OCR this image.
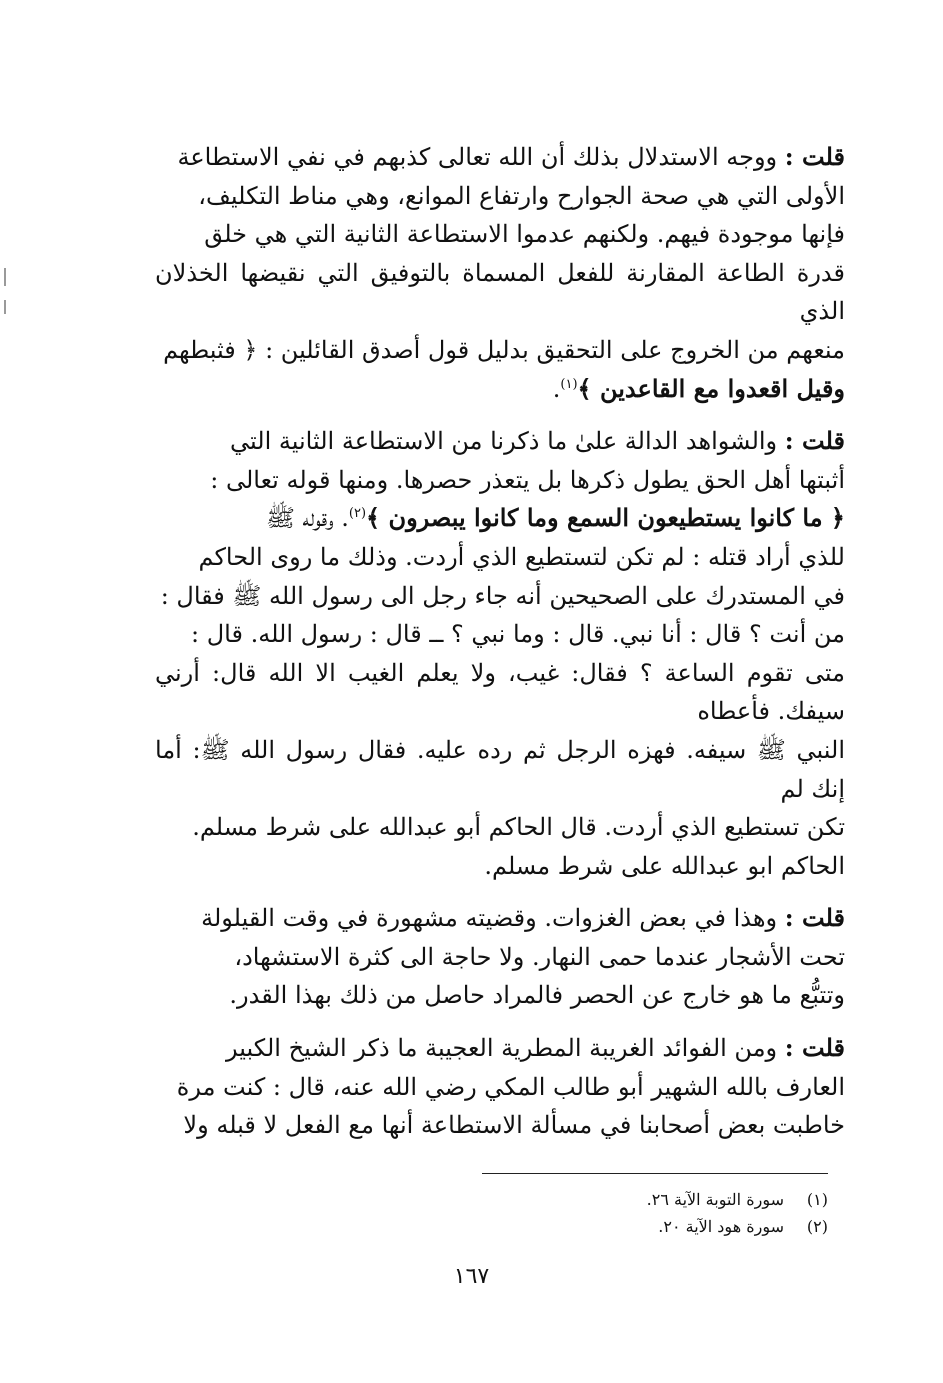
قلت : ووجه الاستدلال بذلك أن الله تعالى كذبهم في نفي الاستطاعة
الأولى التي هي صحة الجوارح وارتفاع الموانع، وهي مناط التكليف،
فإنها موجودة فيهم. ولكنهم عدموا الاستطاعة الثانية التي هي خلق
قدرة الطاعة المقارنة للفعل المسماة بالتوفيق التي نقيضها الخذلان الذي
منعهم من الخروج على التحقيق بدليل قول أصدق القائلين : ﴿ فثبطهم
وقيل اقعدوا مع القاعدين ﴾$^{(١)}$.
قلت : والشواهد الدالة علىٰ ما ذكرنا من الاستطاعة الثانية التي
أثبتها أهل الحق يطول ذكرها بل يتعذر حصرها. ومنها قوله تعالى :
﴿ ما كانوا يستطيعون السمع وما كانوا يبصرون ﴾$^{(٢)}$. وقوله ﷺ
للذي أراد قتله : لم تكن لتستطيع الذي أردت. وذلك ما روى الحاكم
في المستدرك على الصحيحين أنه جاء رجل الى رسول الله ﷺ فقال :
من أنت ؟ قال : أنا نبي. قال : وما نبي ؟ ــ قال : رسول الله. قال :
متى تقوم الساعة ؟ فقال: غيب، ولا يعلم الغيب الا الله قال: أرني سيفك. فأعطاه
النبي ﷺ سيفه. فهزه الرجل ثم رده عليه. فقال رسول الله ﷺ: أما إنك لم
تكن تستطيع الذي أردت. قال الحاكم أبو عبدالله على شرط مسلم.
الحاكم ابو عبدالله على شرط مسلم.
قلت : وهذا في بعض الغزوات. وقضيته مشهورة في وقت القيلولة
تحت الأشجار عندما حمى النهار. ولا حاجة الى كثرة الاستشهاد،
وتتبُّع ما هو خارج عن الحصر فالمراد حاصل من ذلك بهذا القدر.
قلت : ومن الفوائد الغريبة المطرية العجيبة ما ذكر الشيخ الكبير
العارف بالله الشهير أبو طالب المكي رضي الله عنه، قال : كنت مرة
خاطبت بعض أصحابنا في مسألة الاستطاعة أنها مع الفعل لا قبله ولا
(١)سورة التوبة الآية ٢٦.
(٢)سورة هود الآية ٢٠.
١٦٧
